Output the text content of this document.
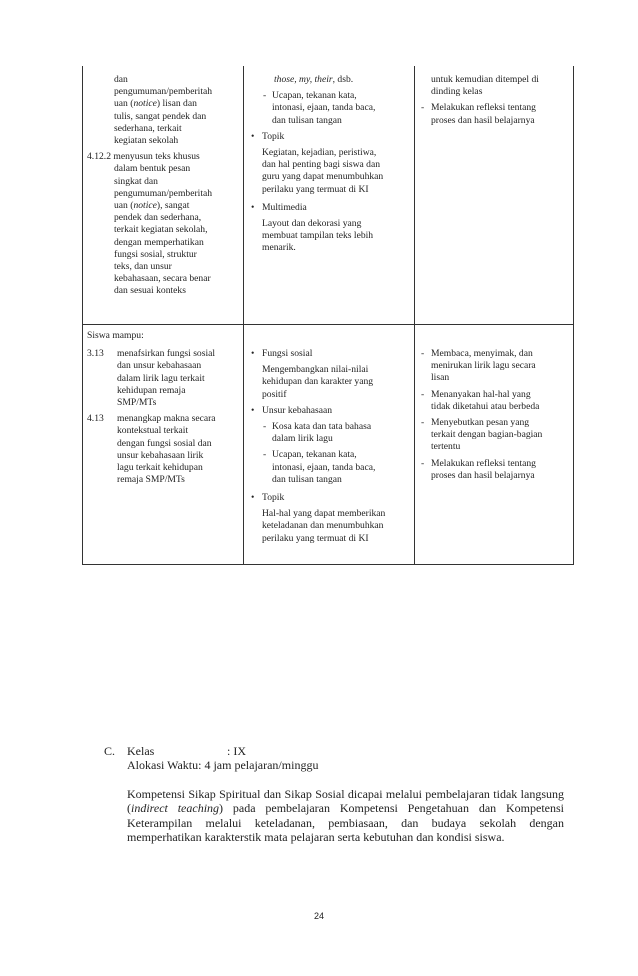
dan

pengumuman/pemberitah

uan (notice) lisan dan

tulis, sangat pendek dan

sederhana, terkait

kegiatan sekolah

4.12.2 menyusun teks khusus

dalam bentuk pesan

singkat dan

pengumuman/pemberitah

uan (notice), sangat

pendek dan sederhana,

terkait kegiatan sekolah,

dengan memperhatikan

fungsi sosial, struktur

teks, dan unsur

kebahasaan, secara benar

dan sesuai konteks

those, my, their, dsb.

- Ucapan, tekanan kata,

intonasi, ejaan, tanda baca,

dan tulisan tangan

• Topik

Kegiatan, kejadian, peristiwa,

dan hal penting bagi siswa dan

guru yang dapat menumbuhkan

perilaku yang termuat di KI

• Multimedia

Layout dan dekorasi yang

membuat tampilan teks lebih

menarik.

untuk kemudian ditempel di

dinding kelas

- Melakukan refleksi tentang

proses dan hasil belajarnya

Siswa mampu:

3.13 menafsirkan fungsi sosial

dan unsur kebahasaan

dalam lirik lagu terkait

kehidupan remaja

SMP/MTs

4.13 menangkap makna secara

kontekstual terkait

dengan fungsi sosial dan

unsur kebahasaan lirik

lagu terkait kehidupan

remaja SMP/MTs

• Fungsi sosial

Mengembangkan nilai-nilai

kehidupan dan karakter yang

positif

• Unsur kebahasaan

- Kosa kata dan tata bahasa

dalam lirik lagu

- Ucapan, tekanan kata,

intonasi, ejaan, tanda baca,

dan tulisan tangan

• Topik

Hal-hal yang dapat memberikan

keteladanan dan menumbuhkan

perilaku yang termuat di KI

- Membaca, menyimak, dan

menirukan lirik lagu secara

lisan

- Menanyakan hal-hal yang

tidak diketahui atau berbeda

- Menyebutkan pesan yang

terkait dengan bagian-bagian

tertentu

- Melakukan refleksi tentang

proses dan hasil belajarnya

C. Kelas	: IX

Alokasi Waktu: 4 jam pelajaran/minggu

Kompetensi Sikap Spiritual dan Sikap Sosial dicapai melalui pembelajaran tidak langsung (indirect teaching) pada pembelajaran Kompetensi Pengetahuan dan Kompetensi Keterampilan melalui keteladanan, pembiasaan, dan budaya sekolah dengan memperhatikan karakterstik mata pelajaran serta kebutuhan dan kondisi siswa.

24
